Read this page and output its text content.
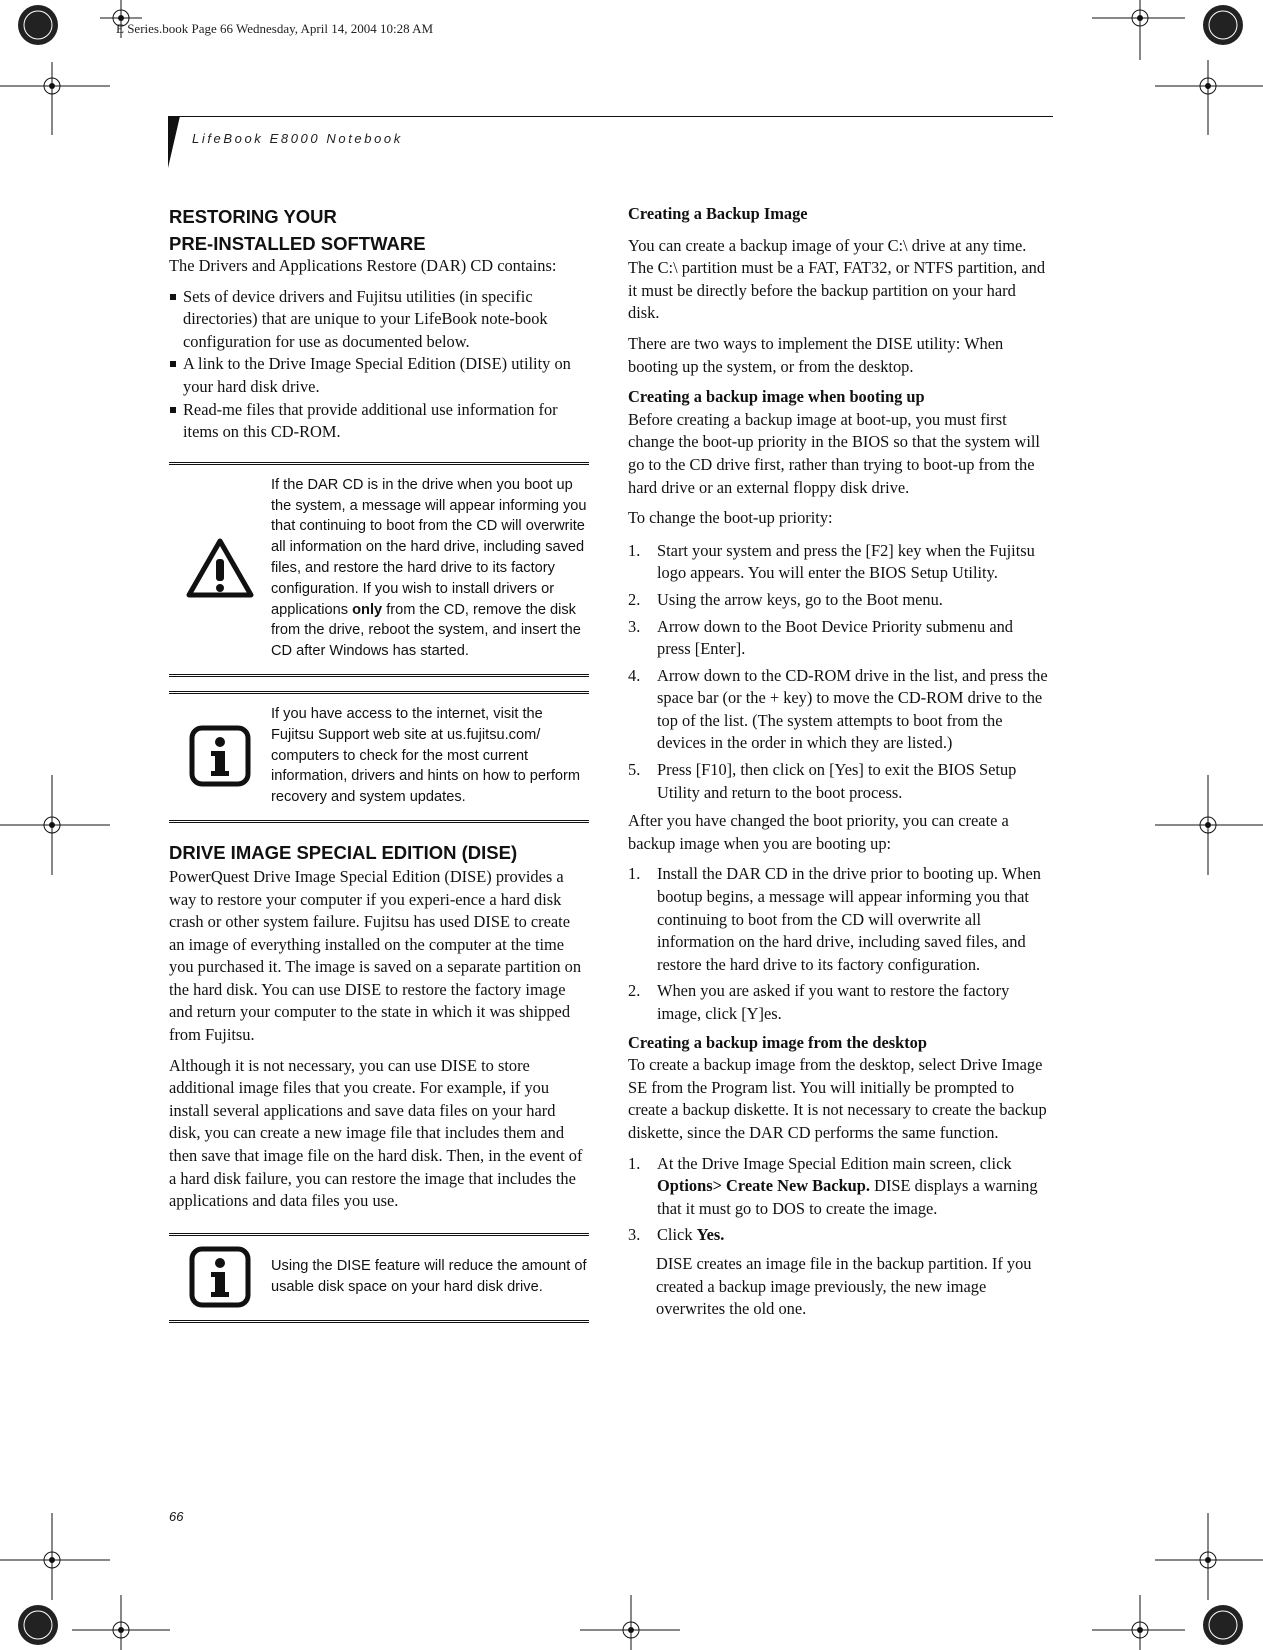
E Series.book Page 66 Wednesday, April 14, 2004 10:28 AM
LifeBook E8000 Notebook
RESTORING YOUR
PRE-INSTALLED SOFTWARE

The Drivers and Applications Restore (DAR) CD contains:

Sets of device drivers and Fujitsu utilities (in specific directories) that are unique to your LifeBook note-book configuration for use as documented below.
A link to the Drive Image Special Edition (DISE) utility on your hard disk drive.
Read-me files that provide additional use information for items on this CD-ROM.
If the DAR CD is in the drive when you boot up the system, a message will appear informing you that continuing to boot from the CD will overwrite all information on the hard drive, including saved files, and restore the hard drive to its factory configuration. If you wish to install drivers or applications only from the CD, remove the disk from the drive, reboot the system, and insert the CD after Windows has started.
If you have access to the internet, visit the Fujitsu Support web site at us.fujitsu.com/ computers to check for the most current information, drivers and hints on how to perform recovery and system updates.
DRIVE IMAGE SPECIAL EDITION (DISE)

PowerQuest Drive Image Special Edition (DISE) provides a way to restore your computer if you experi-ence a hard disk crash or other system failure. Fujitsu has used DISE to create an image of everything installed on the computer at the time you purchased it. The image is saved on a separate partition on the hard disk. You can use DISE to restore the factory image and return your computer to the state in which it was shipped from Fujitsu.

Although it is not necessary, you can use DISE to store additional image files that you create. For example, if you install several applications and save data files on your hard disk, you can create a new image file that includes them and then save that image file on the hard disk. Then, in the event of a hard disk failure, you can restore the image that includes the applications and data files you use.

Using the DISE feature will reduce the amount of usable disk space on your hard disk drive.

Creating a Backup Image

You can create a backup image of your C:\ drive at any time. The C:\ partition must be a FAT, FAT32, or NTFS partition, and it must be directly before the backup partition on your hard disk.

There are two ways to implement the DISE utility: When booting up the system, or from the desktop.

Creating a backup image when booting up

Before creating a backup image at boot-up, you must first change the boot-up priority in the BIOS so that the system will go to the CD drive first, rather than trying to boot-up from the hard drive or an external floppy disk drive.

To change the boot-up priority:

1. Start your system and press the [F2] key when the Fujitsu logo appears. You will enter the BIOS Setup Utility.
2. Using the arrow keys, go to the Boot menu.
3. Arrow down to the Boot Device Priority submenu and press [Enter].
4. Arrow down to the CD-ROM drive in the list, and press the space bar (or the + key) to move the CD-ROM drive to the top of the list. (The system attempts to boot from the devices in the order in which they are listed.)
5. Press [F10], then click on [Yes] to exit the BIOS Setup Utility and return to the boot process.

After you have changed the boot priority, you can create a backup image when you are booting up:

1. Install the DAR CD in the drive prior to booting up. When bootup begins, a message will appear informing you that continuing to boot from the CD will overwrite all information on the hard drive, including saved files, and restore the hard drive to its factory configuration.
2. When you are asked if you want to restore the factory image, click [Y]es.

Creating a backup image from the desktop

To create a backup image from the desktop, select Drive Image SE from the Program list. You will initially be prompted to create a backup diskette. It is not necessary to create the backup diskette, since the DAR CD performs the same function.

1. At the Drive Image Special Edition main screen, click Options> Create New Backup. DISE displays a warning that it must go to DOS to create the image.
3. Click Yes.

DISE creates an image file in the backup partition. If you created a backup image previously, the new image overwrites the old one.

66
